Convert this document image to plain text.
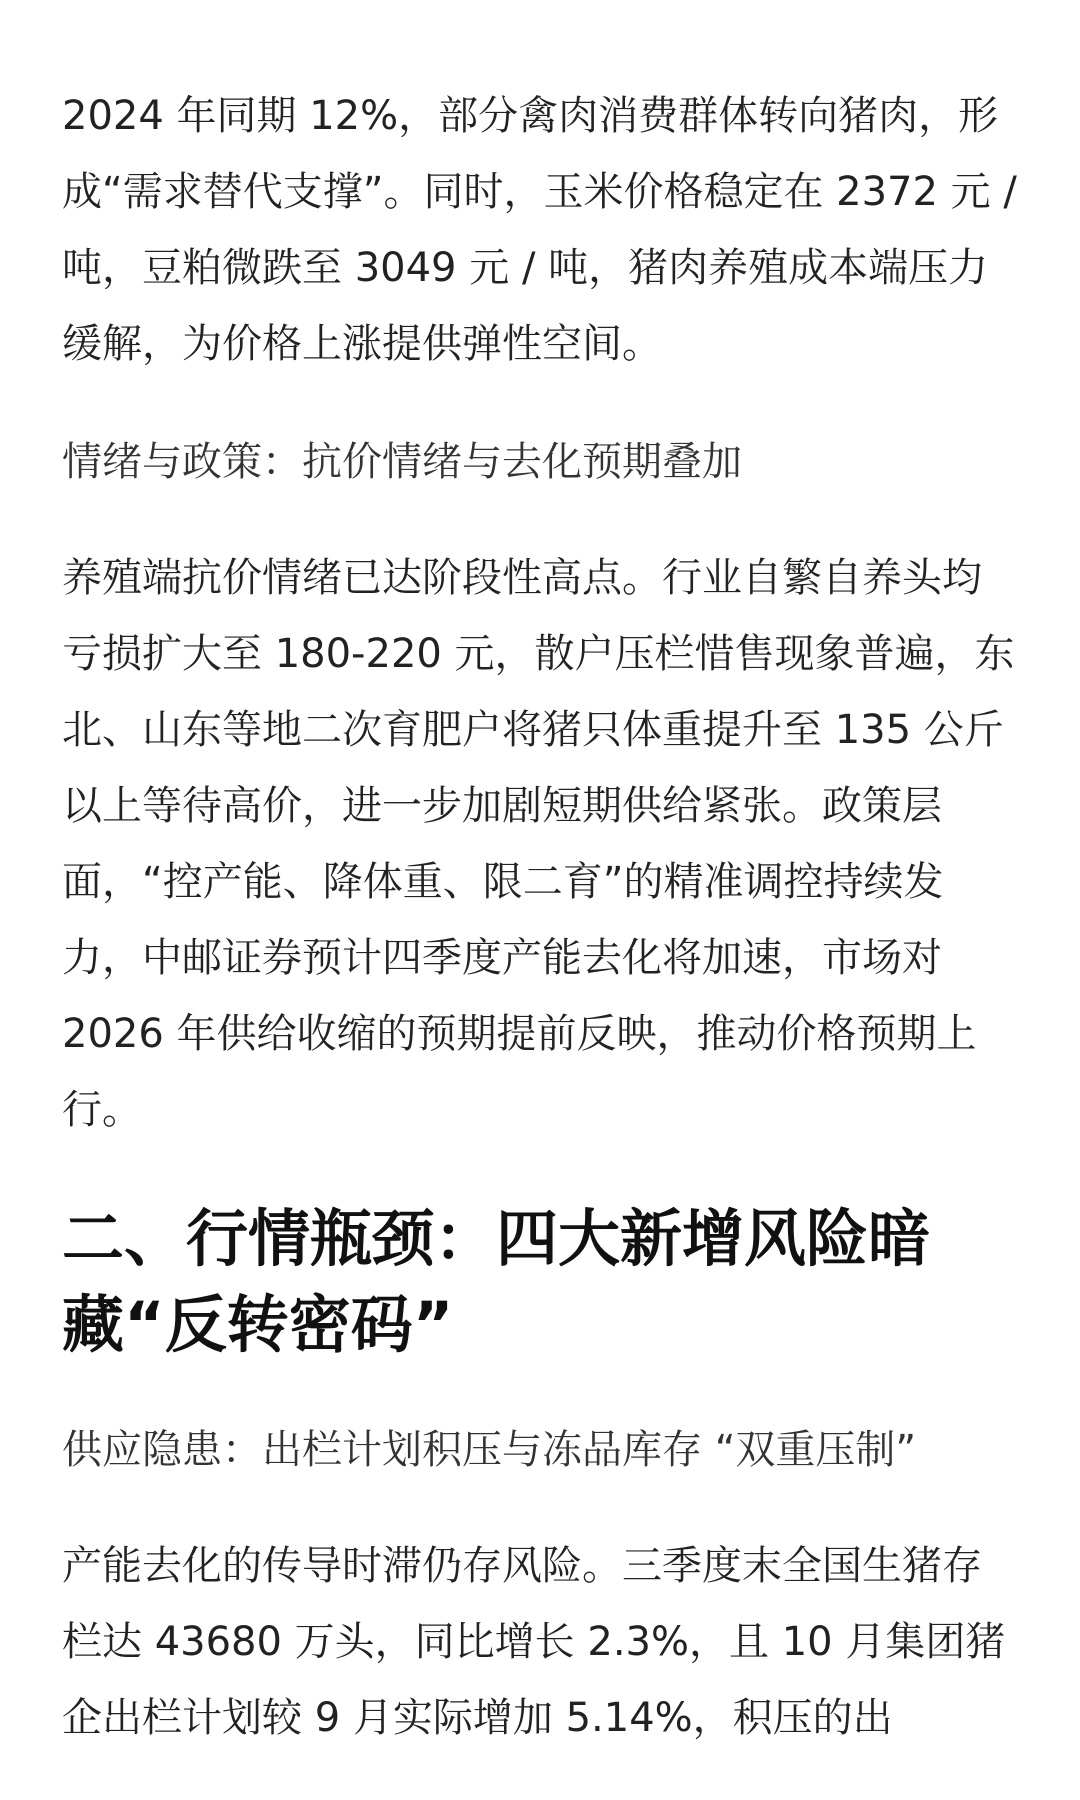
2024 年同期 12%，部分禽肉消费群体转向猪肉，形成“需求替代支撑”。同时，玉米价格稳定在 2372 元 / 吨，豆粕微跌至 3049 元 / 吨，猪肉养殖成本端压力缓解，为价格上涨提供弹性空间。

情绪与政策：抗价情绪与去化预期叠加

养殖端抗价情绪已达阶段性高点。行业自繁自养头均亏损扩大至 180-220 元，散户压栏惜售现象普遍，东北、山东等地二次育肥户将猪只体重提升至 135 公斤以上等待高价，进一步加剧短期供给紧张。政策层面，“控产能、降体重、限二育”的精准调控持续发力，中邮证券预计四季度产能去化将加速，市场对 2026 年供给收缩的预期提前反映，推动价格预期上行。

二、行情瓶颈：四大新增风险暗藏“反转密码”

供应隐患：出栏计划积压与冻品库存 “双重压制”

产能去化的传导时滞仍存风险。三季度末全国生猪存栏达 43680 万头，同比增长 2.3%，且 10 月集团猪企出栏计划较 9 月实际增加 5.14%，积压的出
